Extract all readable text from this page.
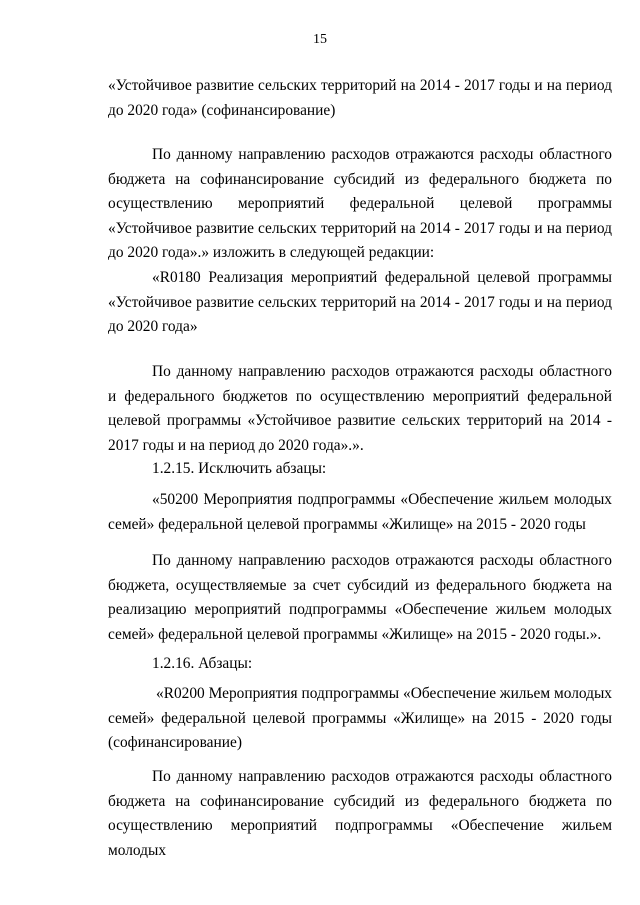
15

«Устойчивое развитие сельских территорий на 2014 - 2017 годы и на период до 2020 года» (софинансирование)

По данному направлению расходов отражаются расходы областного бюджета на софинансирование субсидий из федерального бюджета по осуществлению мероприятий федеральной целевой программы «Устойчивое развитие сельских территорий на 2014 - 2017 годы и на период до 2020 года».» изложить в следующей редакции:

«R0180 Реализация мероприятий федеральной целевой программы «Устойчивое развитие сельских территорий на 2014 - 2017 годы и на период до 2020 года»

По данному направлению расходов отражаются расходы областного и федерального бюджетов по осуществлению мероприятий федеральной целевой программы «Устойчивое развитие сельских территорий на 2014 - 2017 годы и на период до 2020 года».».

1.2.15. Исключить абзацы:

«50200 Мероприятия подпрограммы «Обеспечение жильем молодых семей» федеральной целевой программы «Жилище» на 2015 - 2020 годы

По данному направлению расходов отражаются расходы областного бюджета, осуществляемые за счет субсидий из федерального бюджета на реализацию мероприятий подпрограммы «Обеспечение жильем молодых семей» федеральной целевой программы «Жилище» на 2015 - 2020 годы.».

1.2.16. Абзацы:

«R0200 Мероприятия подпрограммы «Обеспечение жильем молодых семей» федеральной целевой программы «Жилище» на 2015 - 2020 годы (софинансирование)

По данному направлению расходов отражаются расходы областного бюджета на софинансирование субсидий из федерального бюджета по осуществлению мероприятий подпрограммы «Обеспечение жильем молодых
